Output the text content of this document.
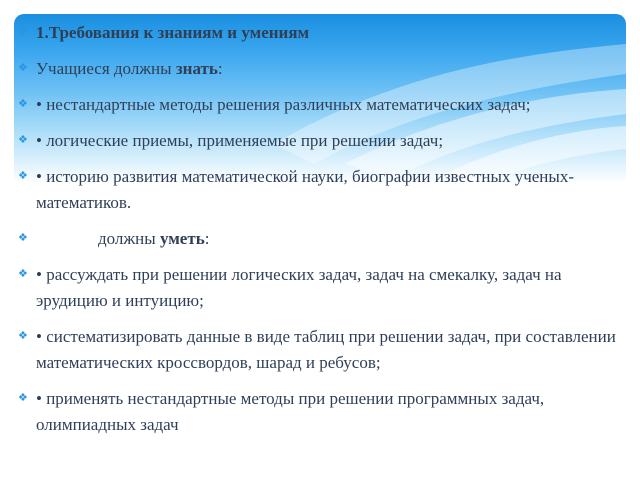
❖ 1.Требования к знаниям и умениям
❖ Учащиеся должны знать:
❖ • нестандартные методы решения различных математических задач;
❖ • логические приемы, применяемые при решении задач;
❖ • историю развития математической науки, биографии известных ученых-математиков.
❖	должны уметь:
❖ • рассуждать при решении логических задач, задач на смекалку, задач на эрудицию и интуицию;
❖ • систематизировать данные в виде таблиц при решении задач, при составлении математических кроссвордов, шарад и ребусов;
❖ • применять нестандартные методы при решении программных задач, олимпиадных задач
